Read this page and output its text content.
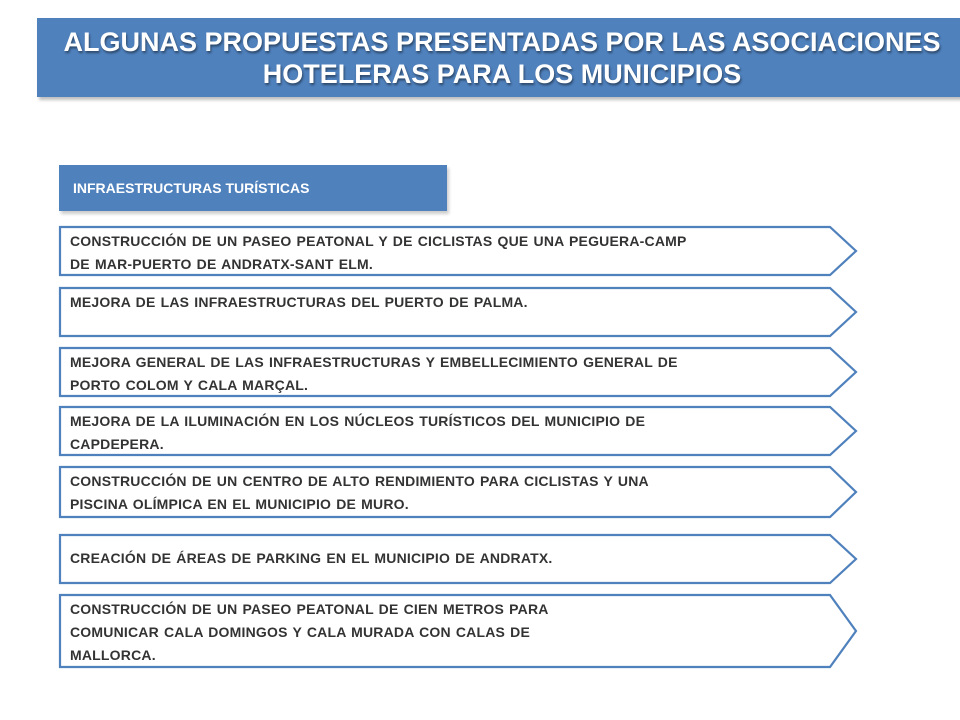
ALGUNAS PROPUESTAS PRESENTADAS POR LAS ASOCIACIONES
HOTELERAS PARA LOS MUNICIPIOS
INFRAESTRUCTURAS TURÍSTICAS
CONSTRUCCIÓN DE UN PASEO PEATONAL Y DE CICLISTAS QUE UNA PEGUERA-CAMP
DE MAR-PUERTO DE ANDRATX-SANT ELM.
MEJORA DE LAS INFRAESTRUCTURAS DEL PUERTO DE PALMA.
MEJORA GENERAL DE LAS INFRAESTRUCTURAS Y EMBELLECIMIENTO GENERAL DE
PORTO COLOM Y CALA MARÇAL.
MEJORA DE LA ILUMINACIÓN EN LOS NÚCLEOS TURÍSTICOS DEL MUNICIPIO DE
CAPDEPERA.
CONSTRUCCIÓN DE UN CENTRO DE ALTO RENDIMIENTO PARA CICLISTAS Y UNA
PISCINA OLÍMPICA EN EL MUNICIPIO DE MURO.
CREACIÓN DE ÁREAS DE PARKING EN EL MUNICIPIO DE ANDRATX.
CONSTRUCCIÓN DE UN PASEO PEATONAL DE CIEN METROS PARA
COMUNICAR CALA DOMINGOS Y CALA MURADA CON CALAS DE
MALLORCA.
